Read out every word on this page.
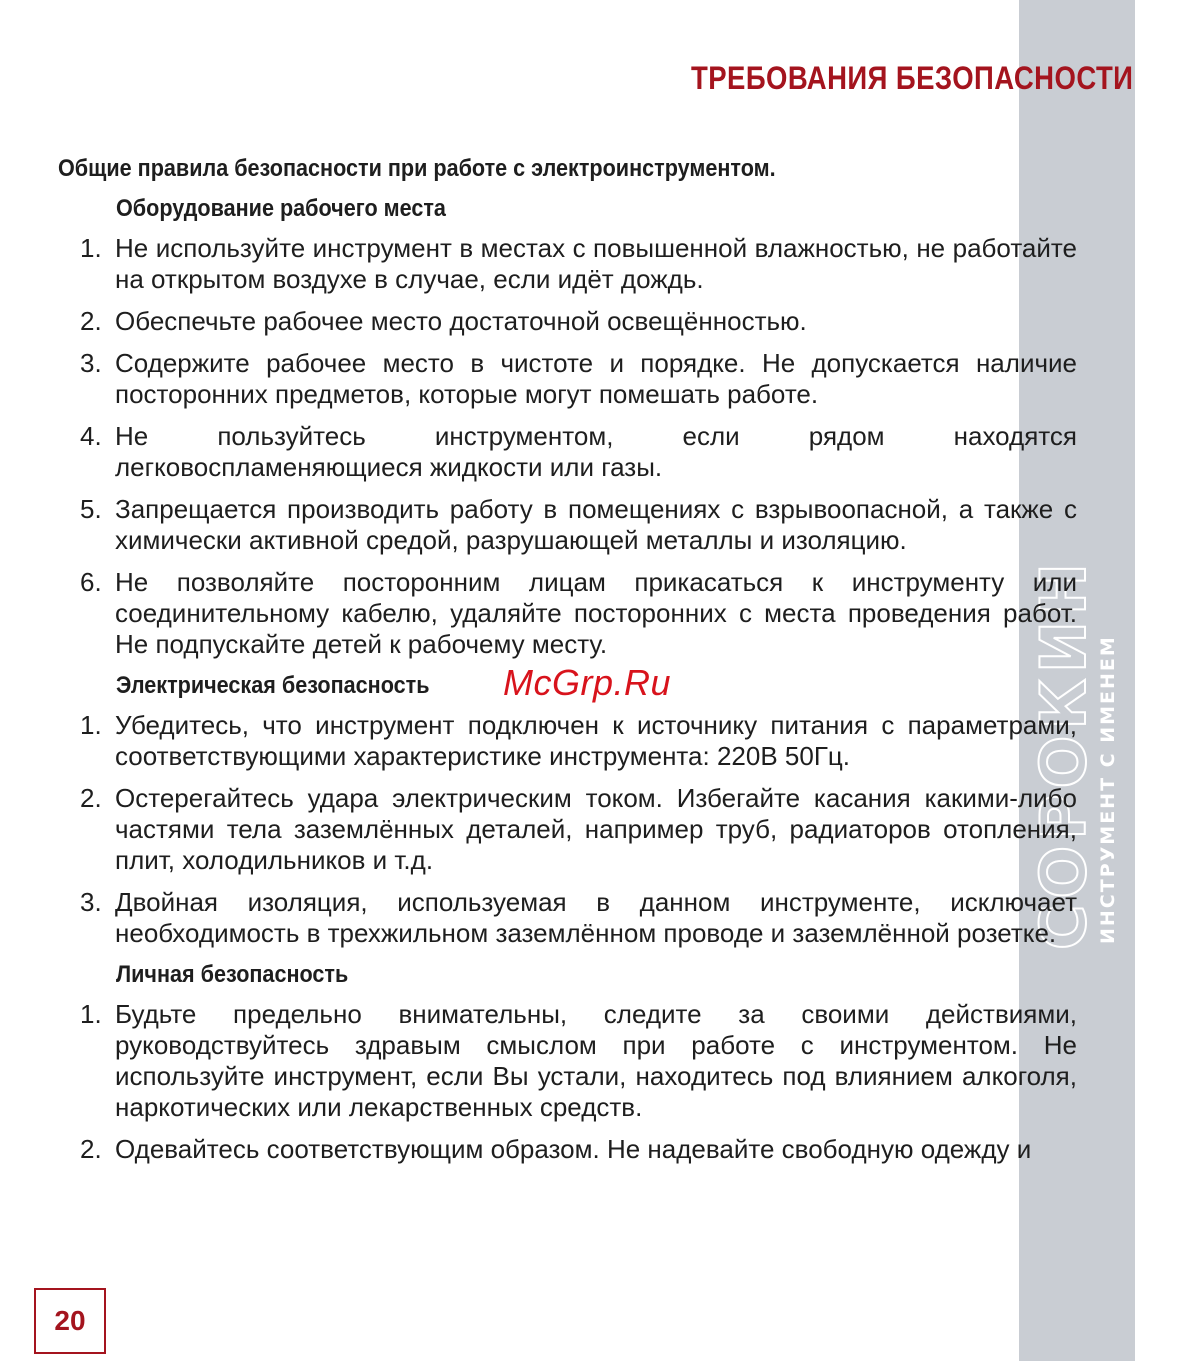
СОРОКИН
ИНСТРУМЕНТ С ИМЕНЕМ
ТРЕБОВАНИЯ БЕЗОПАСНОСТИ
Общие правила безопасности при работе с электроинструментом.
Оборудование рабочего места
1. Не используйте инструмент в местах с повышенной влажностью, не работайте на открытом воздухе в случае, если идёт дождь.
2. Обеспечьте рабочее место достаточной освещённостью.
3. Содержите рабочее место в чистоте и порядке. Не допускается наличие посторонних предметов, которые могут помешать работе.
4. Не пользуйтесь инструментом, если рядом находятся легковоспламеняющиеся жидкости или газы.
5. Запрещается производить работу в помещениях с взрывоопасной, а также с химически активной средой, разрушающей металлы и изоляцию.
6. Не позволяйте посторонним лицам прикасаться к инструменту или соединительному кабелю, удаляйте посторонних с места проведения работ. Не подпускайте детей к рабочему месту.
Электрическая безопасность
1. Убедитесь, что инструмент подключен к источнику питания с параметрами, соответствующими характеристике инструмента: 220В 50Гц.
2. Остерегайтесь удара электрическим током. Избегайте касания какими-либо частями тела заземлённых деталей, например труб, радиаторов отопления, плит, холодильников и т.д.
3. Двойная изоляция, используемая в данном инструменте, исключает необходимость в трехжильном заземлённом проводе и заземлённой розетке.
Личная безопасность
1. Будьте предельно внимательны, следите за своими действиями, руководствуйтесь здравым смыслом при работе с инструментом. Не используйте инструмент, если Вы устали, находитесь под влиянием алкоголя, наркотических или лекарственных средств.
2. Одевайтесь соответствующим образом. Не надевайте свободную одежду и
McGrp.Ru
20
